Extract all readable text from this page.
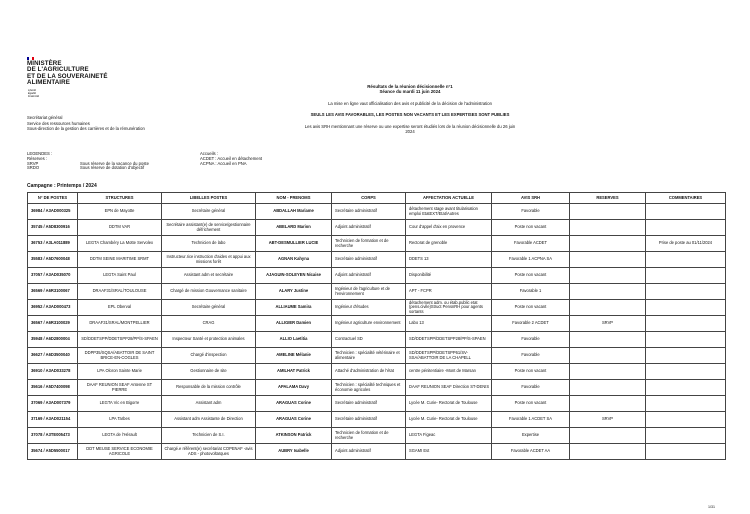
MINISTÈRE
DE L'AGRICULTURE
ET DE LA SOUVERAINETÉ
ALIMENTAIRE
Liberté
Égalité
Fraternité
Secrétariat général
Service des ressources humaines
Sous-direction de la gestion des carrières et de la rémunération
Résultats de la réunion décisionnelle n°1
Séance du mardi 11 juin 2024
La mise en ligne vaut officialisation des avis et publicité de la décision de l'administration
SEULS LES AVIS FAVORABLES, LES POSTES NON VACANTS ET LES EXPERTISES SONT PUBLIES
Les avis SRH mentionnant une réserve ou une expertise seront étudiés lors de la réunion décisionnelle du 26 juin 2024
LEGENDES :
Réserves :
SRVP
SRDO
Sous réserve de la vacance du poste
Sous réserve de dotation d'objectif
Accueils :
ACDET : Accueil en détachement
ACPNA : Accueil en PNA
Campagne : Printemps / 2024
N° DE POSTES	STRUCTURES	LIBELLES POSTES	NOM - PRENOMS	CORPS	AFFECTATION ACTUELLE	AVIS SRH	RESERVES	COMMENTAIRES
36984 / A3AD000325	EPN de Mayotte	Secrétaire général	ABDALLAH Mariame	Secrétaire administratif	détachement stage avant titularisation emploi EtatEXT/Etat/Autres	Favorable		
35745 / A5D8300916	DDTM VAR	Secrétaire assistant(e) de service/gestionnaire défrichement	ABELARD Marion	Adjoint administratif	Cour d'appel d'aix en provence	Poste non vacant		
36753 / A3LA011889	LEGTA Chambéry La Motte Servolex	Technicien de labo	ABT-DESMULLIER LUCIE	Technicien de formation et de recherche	Rectorat de grenoble	Favorable ACDET		Prise de poste au 01/11/2024
35583 / A5D7600048	DDTM SEINE MARITIME SRMT	Instructeur.rice instruction d'aides et appui aux missions forêt	AGNAN Kahyna	Secrétaire administratif	DDETS 13	Favorable 1 ACPNA SA		
37057 / A3AD035070	LEGTA Saint Paul	Assistant adm et secrétaire	AJAGUIN-SOLEYEN Nicaise	Adjoint administratif	Disponibilité	Poste non vacant		
36569 / A6R3100067	DRAAF31/SRAL/TOULOUSE	Chargé de mission Gouvernance sanitaire	ALARY Justine	Ingénieur de l'agriculture et de l'environnement	APT - FCPR	Favorable 1		
36952 / A3AD000473	EPL Oberval	Secrétaire général	ALLIAUME Samira	Ingénieur d'études	détachement adm. ou étab.public etat (pens.civile)Struct PensnRH pour agents sortants	Poste non vacant		
36567 / A6R3100029	DRAAF31/SRAL/MONTPELLIER	CRAG	ALLIGIER Damien	Ingénieur agriculture environnement	Labo 13	Favorable 2 ACDET	SRVP	
35948 / A6D2800004	SD/DDETSPP/DDETSPP28/PP/S-SPAEN	Inspecteur Santé et protection animales	ALLIO Laetitia	Contractuel SD	SD/DDETSPP/DDETSPP28/PP/S-SPAEN	Favorable		
36627 / A6D3500040	DDPP35/SQSA/ABATTOIR DE SAINT BRICE-EN-COGLES	Chargé d'inspection	AMELINE Mélanie	Technicien : spécialité vétérinaire et alimentaire	SD/DDETSPP/DDETSPP61/SV-SSA/ABATTOIR DE LA CHAPELL	Favorable		
36910 / A3AD033278	LPA Oloron Sainte Marie	Gestionnaire de site	AMILHAT Patrick	Attaché d'administration de l'état	centre pénitentiaire -Mont de Marsan	Poste non vacant		
35616 / A5D7400098	DAAF REUNION SEAF Antenne ST PIERRE	Responsable de la mission contrôle	APALAMA Davy	Technicien : spécialité techniques et économie agricoles	DAAF REUNION SEAF Direction ST-DENIS	Favorable		
37069 / A3AD007379	LEGTA Vic en Bigorre	Assistant adm	ARAGUAS Corine	Secrétaire administratif	Lycée M. Curie- Rectorat de Toulouse	Poste non vacant		
37169 / A3AD021154	LPA Tarbes	Assistant adm Assistante de Direction	ARAGUAS Corine	Secrétaire administratif	Lycée M. Curie- Rectorat de Toulouse	Favorable 1 ACDET SA	SRVP	
37078 / A3TE005473	LEGTA de l'Hérault	Technicien de S.I.	ATKINSON Patrick	Technicien de formation et de recherche	LEGTA Figeac	Expertise		
35674 / A5D5500017	DDT MEUSE SERVICE ECONOMIE AGRICOLE	Chargé.e référent(e) secrétariat COPENAF -avis ADS - photovoltaïques	AUBRY Isabelle	Adjoint administratif	SGAMI Est	Favorable ACDET AA		
1/31
